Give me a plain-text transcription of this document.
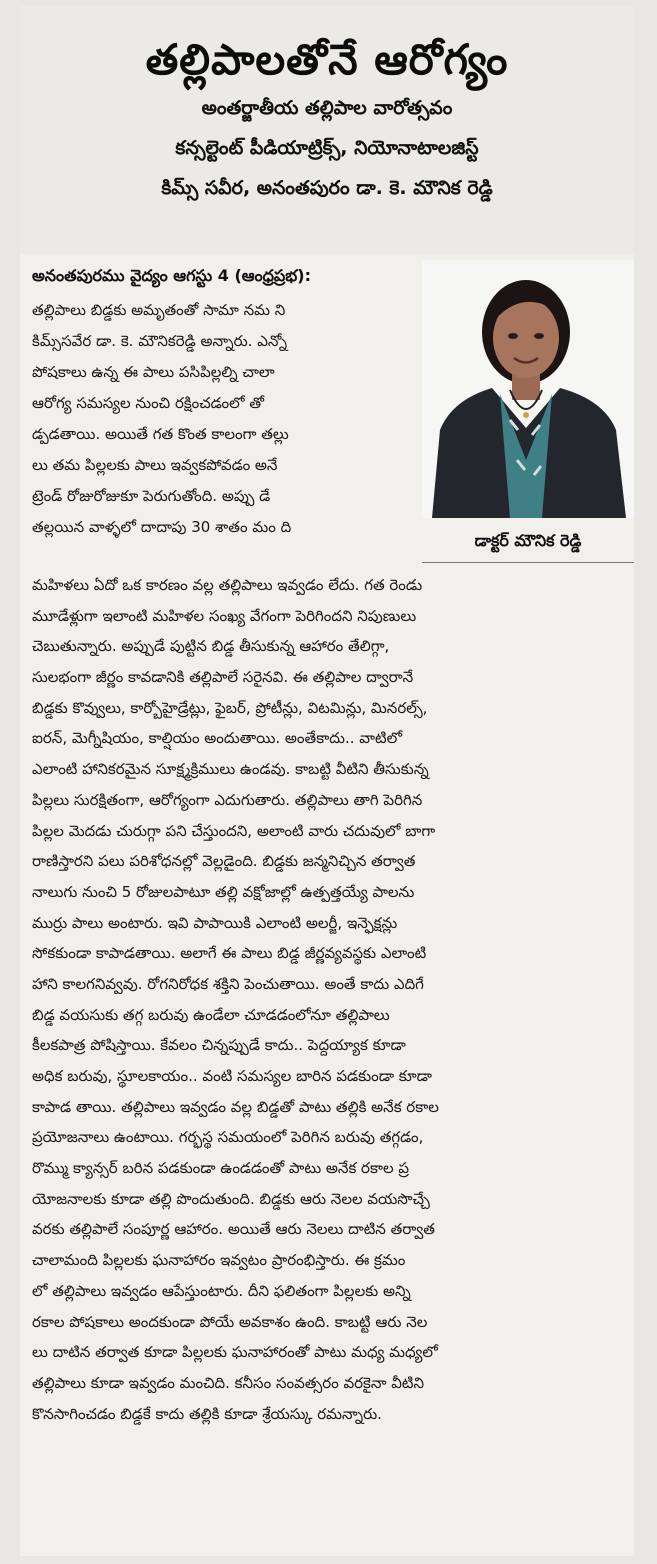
తల్లిపాలతోనే ఆరోగ్యం
అంతర్జాతీయ తల్లిపాల వారోత్సవం
కన్సల్టెంట్ పీడియాట్రిక్స్, నియోనాటాలజిస్ట్
కిమ్స్ సవీర, అనంతపురం డా. కె. మౌనిక రెడ్డి
అనంతపురము వైద్యం ఆగస్టు 4 (ఆంధ్రప్రభ):
డాక్టర్ మౌనిక రెడ్డి
తల్లిపాలు బిడ్డకు అమృతంతో సామా నమ ని
కిమ్స్‌సవేర డా. కె. మౌనికరెడ్డి అన్నారు. ఎన్నో
పోషకాలు ఉన్న ఈ పాలు పసిపిల్లల్ని చాలా
ఆరోగ్య సమస్యల నుంచి రక్షించడంలో తో
డ్పడతాయి. అయితే గత కొంత కాలంగా తల్లు
లు తమ పిల్లలకు పాలు ఇవ్వకపోవడం అనే
ట్రెండ్ రోజురోజుకూ పెరుగుతోంది. అప్పు డే
తల్లయిన వాళ్ళలో దాదాపు 30 శాతం మం ది
మహిళలు ఏదో ఒక కారణం వల్ల తల్లిపాలు ఇవ్వడం లేదు. గత రెండు
మూడేళ్లుగా ఇలాంటి మహిళల సంఖ్య వేగంగా పెరిగిందని నిపుణులు
చెబుతున్నారు. అప్పుడే పుట్టిన బిడ్డ తీసుకున్న ఆహారం తేలిగ్గా,
సులభంగా జీర్ణం కావడానికి తల్లిపాలే సరైనవి. ఈ తల్లిపాల ద్వారానే
బిడ్డకు కొవ్వులు, కార్బోహైడ్రేట్లు, ఫైబర్, ప్రోటీన్లు, విటమిన్లు, మినరల్స్,
ఐరన్, మెగ్నీషియం, కాల్షియం అందుతాయి. అంతేకాదు.. వాటిలో
ఎలాంటి హానికరమైన సూక్ష్మక్రిములు ఉండవు. కాబట్టి వీటిని తీసుకున్న
పిల్లలు సురక్షితంగా, ఆరోగ్యంగా ఎదుగుతారు. తల్లిపాలు తాగి పెరిగిన
పిల్లల మెదడు చురుగ్గా పని చేస్తుందని, అలాంటి వారు చదువులో బాగా
రాణిస్తారని పలు పరిశోధనల్లో వెల్లడైంది. బిడ్డకు జన్మనిచ్చిన తర్వాత
నాలుగు నుంచి 5 రోజులపాటూ తల్లి వక్షోజాల్లో ఉత్పత్తయ్యే పాలను
ముర్రు పాలు అంటారు. ఇవి పాపాయికి ఎలాంటి అలర్జీ, ఇన్ఫెక్షన్లు
సోకకుండా కాపాడతాయి. అలాగే ఈ పాలు బిడ్డ జీర్ణవ్యవస్థకు ఎలాంటి
హాని కాలగనివ్వవు. రోగనిరోధక శక్తిని పెంచుతాయి. అంతే కాదు ఎదిగే
బిడ్డ వయసుకు తగ్గ బరువు ఉండేలా చూడడంలోనూ తల్లిపాలు
కీలకపాత్ర పోషిస్తాయి. కేవలం చిన్నప్పుడే కాదు.. పెద్దయ్యాక కూడా
అధిక బరువు, స్థూలకాయం.. వంటి సమస్యల బారిన పడకుండా కూడా
కాపాడ తాయి. తల్లిపాలు ఇవ్వడం వల్ల బిడ్డతో పాటు తల్లికి అనేక రకాల
ప్రయోజనాలు ఉంటాయి. గర్భస్థ సమయంలో పెరిగిన బరువు తగ్గడం,
రొమ్ము క్యాన్సర్ బరిన పడకుండా ఉండడంతో పాటు అనేక రకాల ప్ర
యోజనాలకు కూడా తల్లి పొందుతుంది. బిడ్డకు ఆరు నెలల వయసొచ్చే
వరకు తల్లిపాలే సంపూర్ణ ఆహారం. అయితే ఆరు నెలలు దాటిన తర్వాత
చాలామంది పిల్లలకు ఘనాహారం ఇవ్వటం ప్రారంభిస్తారు. ఈ క్రమం
లో తల్లిపాలు ఇవ్వడం ఆపేస్తుంటారు. దీని ఫలితంగా పిల్లలకు అన్ని
రకాల పోషకాలు అందకుండా పోయే అవకాశం ఉంది. కాబట్టి ఆరు నెల
లు దాటిన తర్వాత కూడా పిల్లలకు ఘనాహారంతో పాటు మధ్య మధ్యలో
తల్లిపాలు కూడా ఇవ్వడం మంచిది. కనీసం సంవత్సరం వరకైనా వీటిని
కొనసాగించడం బిడ్డకే కాదు తల్లికి కూడా శ్రేయస్కు రమన్నారు.
